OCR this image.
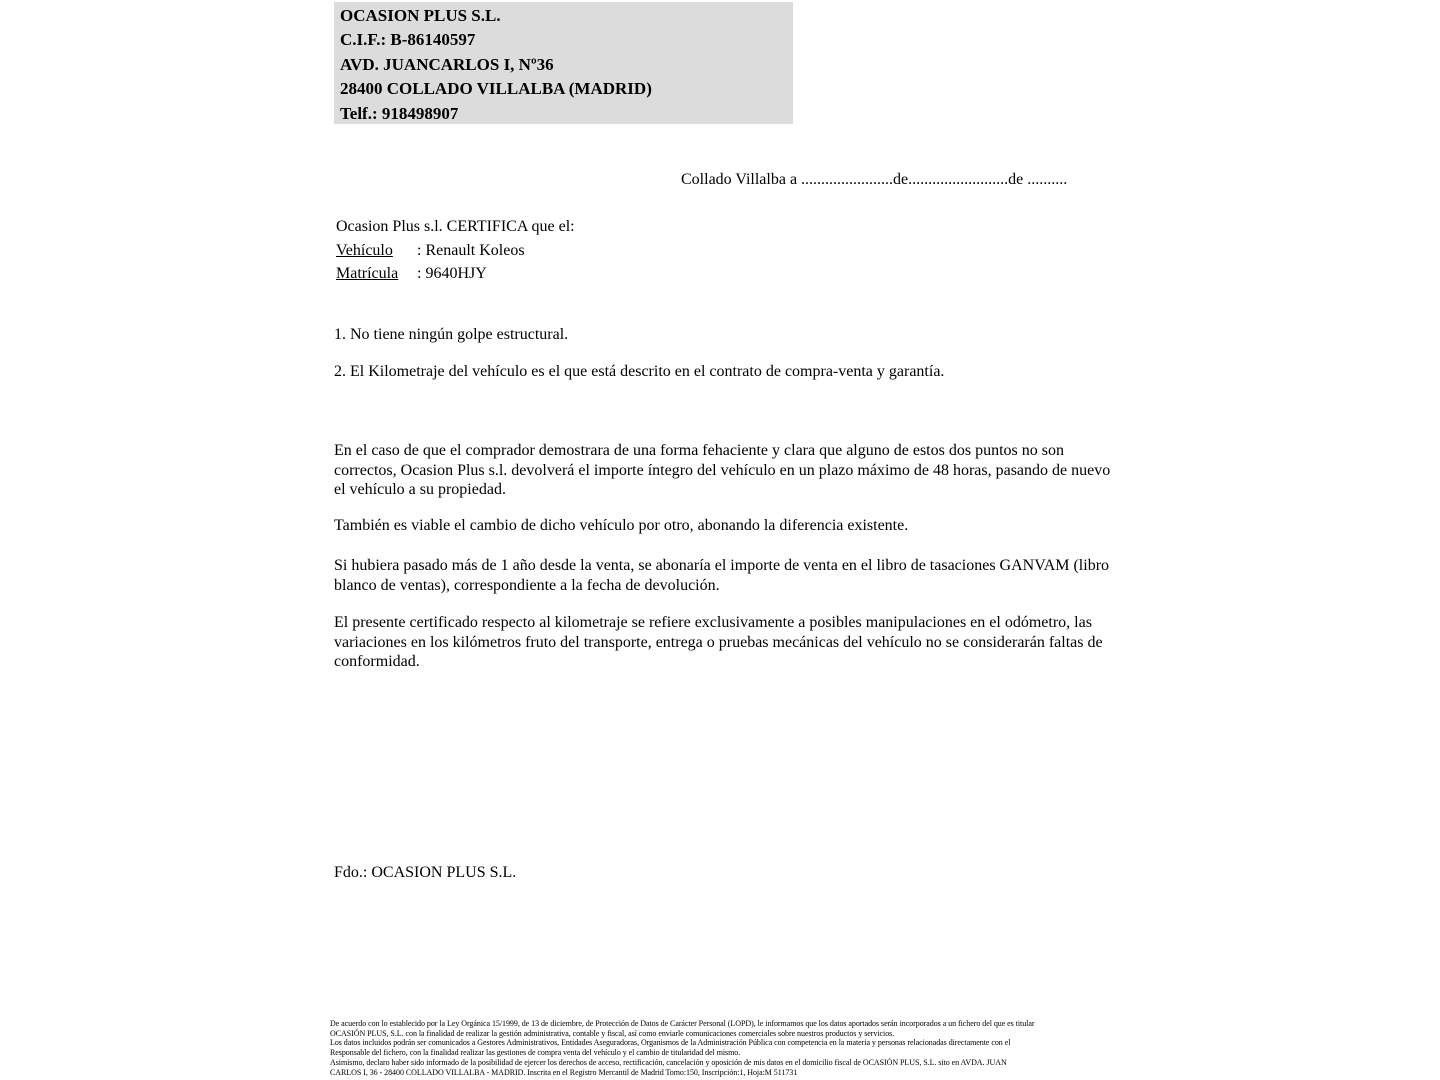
OCASION PLUS S.L.
C.I.F.: B-86140597
AVD. JUANCARLOS I, Nº36
28400 COLLADO VILLALBA (MADRID)
Telf.: 918498907
Collado Villalba a .......................de.........................de ..........
Ocasion Plus s.l. CERTIFICA que el:
Vehículo : Renault Koleos
Matrícula : 9640HJY
1. No tiene ningún golpe estructural.
2. El Kilometraje del vehículo es el que está descrito en el contrato de compra-venta y garantía.
En el caso de que el comprador demostrara de una forma fehaciente y clara que alguno de estos dos puntos no son correctos, Ocasion Plus s.l. devolverá el importe íntegro del vehículo en un plazo máximo de 48 horas, pasando de nuevo el vehículo a su propiedad.
También es viable el cambio de dicho vehículo por otro, abonando la diferencia existente.
Si hubiera pasado más de 1 año desde la venta, se abonaría el importe de venta en el libro de tasaciones GANVAM (libro blanco de ventas), correspondiente a la fecha de devolución.
El presente certificado respecto al kilometraje se refiere exclusivamente a posibles manipulaciones en el odómetro, las variaciones en los kilómetros fruto del transporte, entrega o pruebas mecánicas del vehículo no se considerarán faltas de conformidad.
Fdo.: OCASION PLUS S.L.
De acuerdo con lo establecido por la Ley Orgánica 15/1999, de 13 de diciembre, de Protección de Datos de Carácter Personal (LOPD), le informamos que los datos aportados serán incorporados a un fichero del que es titular
OCASIÓN PLUS, S.L. con la finalidad de realizar la gestión administrativa, contable y fiscal, así como enviarle comunicaciones comerciales sobre nuestros productos y servicios.
Los datos incluidos podrán ser comunicados a Gestores Administrativos, Entidades Aseguradoras, Organismos de la Administración Pública con competencia en la materia y personas relacionadas directamente con el
Responsable del fichero, con la finalidad realizar las gestiones de compra venta del vehículo y el cambio de titularidad del mismo.
Asimismo, declaro haber sido informado de la posibilidad de ejercer los derechos de acceso, rectificación, cancelación y oposición de mis datos en el domicilio fiscal de OCASIÓN PLUS, S.L. sito en AVDA. JUAN
CARLOS I, 36 - 28400 COLLADO VILLALBA - MADRID. Inscrita en el Registro Mercantil de Madrid Tomo:150, Inscripción:1, Hoja:M 511731
